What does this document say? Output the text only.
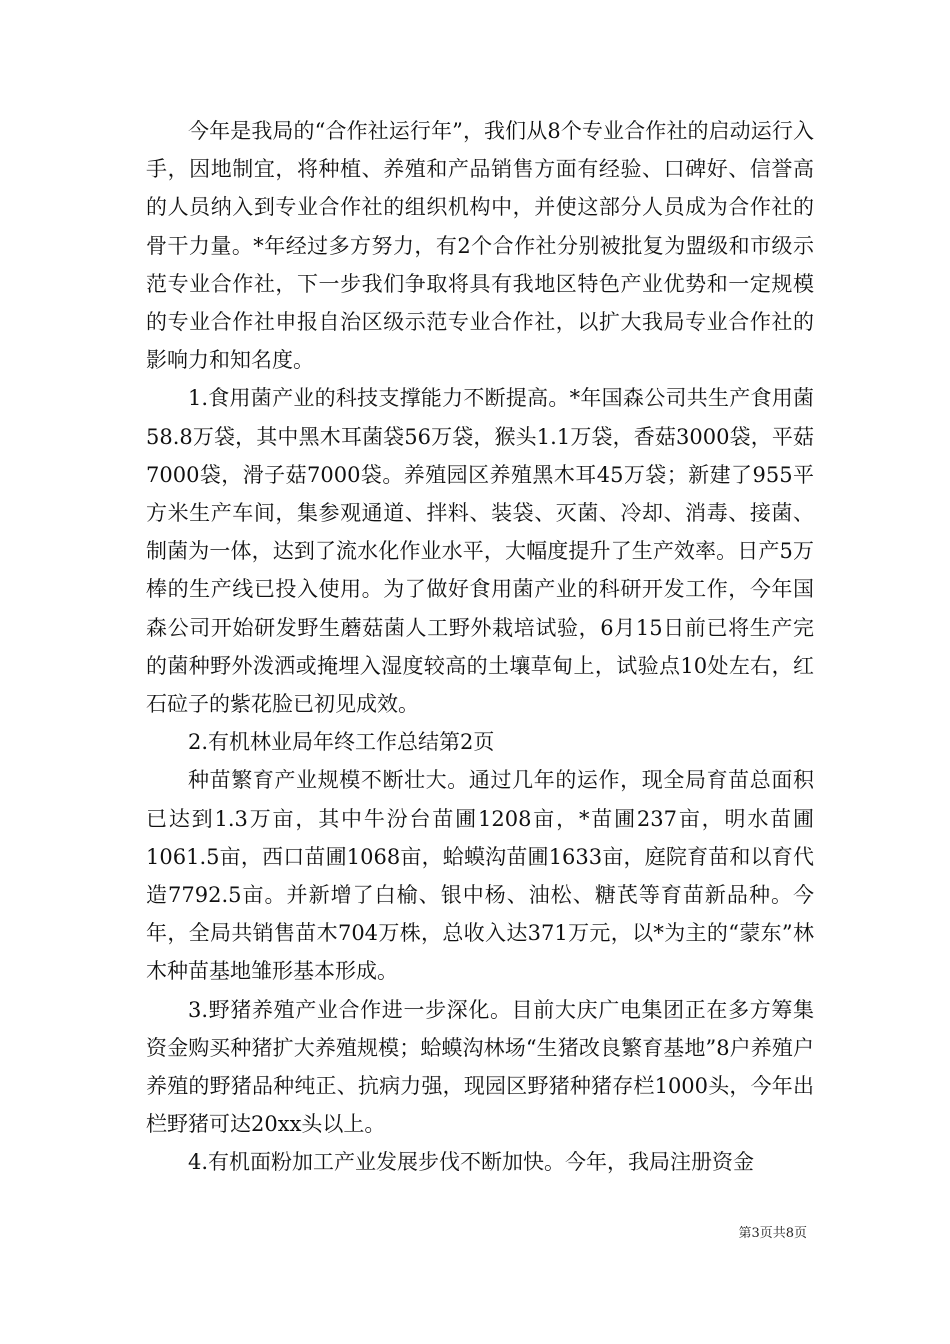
今年是我局的“合作社运行年”，我们从8个专业合作社的启动运行入手，因地制宜，将种植、养殖和产品销售方面有经验、口碑好、信誉高的人员纳入到专业合作社的组织机构中，并使这部分人员成为合作社的骨干力量。*年经过多方努力，有2个合作社分别被批复为盟级和市级示范专业合作社，下一步我们争取将具有我地区特色产业优势和一定规模的专业合作社申报自治区级示范专业合作社，以扩大我局专业合作社的影响力和知名度。

1.食用菌产业的科技支撑能力不断提高。*年国森公司共生产食用菌58.8万袋，其中黑木耳菌袋56万袋，猴头1.1万袋，香菇3000袋，平菇7000袋，滑子菇7000袋。养殖园区养殖黑木耳45万袋；新建了955平方米生产车间，集参观通道、拌料、装袋、灭菌、冷却、消毒、接菌、制菌为一体，达到了流水化作业水平，大幅度提升了生产效率。日产5万棒的生产线已投入使用。为了做好食用菌产业的科研开发工作，今年国森公司开始研发野生蘑菇菌人工野外栽培试验，6月15日前已将生产完的菌种野外泼洒或掩埋入湿度较高的土壤草甸上，试验点10处左右，红石砬子的紫花脸已初见成效。

2.有机林业局年终工作总结第2页

种苗繁育产业规模不断壮大。通过几年的运作，现全局育苗总面积已达到1.3万亩，其中牛汾台苗圃1208亩，*苗圃237亩，明水苗圃1061.5亩，西口苗圃1068亩，蛤蟆沟苗圃1633亩，庭院育苗和以育代造7792.5亩。并新增了白榆、银中杨、油松、糖芪等育苗新品种。今年，全局共销售苗木704万株，总收入达371万元，以*为主的“蒙东”林木种苗基地雏形基本形成。

3.野猪养殖产业合作进一步深化。目前大庆广电集团正在多方筹集资金购买种猪扩大养殖规模；蛤蟆沟林场“生猪改良繁育基地”8户养殖户养殖的野猪品种纯正、抗病力强，现园区野猪种猪存栏1000头，今年出栏野猪可达20xx头以上。

4.有机面粉加工产业发展步伐不断加快。今年，我局注册资金

第3页共8页
